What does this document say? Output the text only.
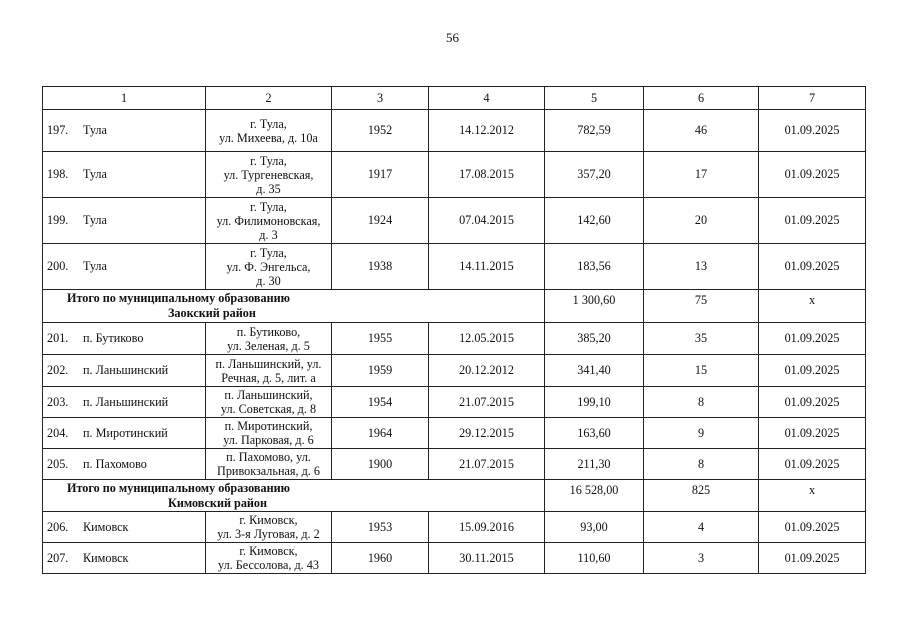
56
1	2	3	4	5	6	7
197. Тула	г. Тула,
ул. Михеева, д. 10а	1952	14.12.2012	782,59	46	01.09.2025
198. Тула	г. Тула,
ул. Тургеневская,
д. 35	1917	17.08.2015	357,20	17	01.09.2025
199. Тула	г. Тула,
ул. Филимоновская,
д. 3	1924	07.04.2015	142,60	20	01.09.2025
200. Тула	г. Тула,
ул. Ф. Энгельса,
д. 30	1938	14.11.2015	183,56	13	01.09.2025

Итого по муниципальному образованию
Заокский район				1 300,60	75	x
201. п. Бутиково	п. Бутиково,
ул. Зеленая, д. 5	1955	12.05.2015	385,20	35	01.09.2025
202. п. Ланьшинский	п. Ланьшинский, ул.
Речная, д. 5, лит. а	1959	20.12.2012	341,40	15	01.09.2025
203. п. Ланьшинский	п. Ланьшинский,
ул. Советская, д. 8	1954	21.07.2015	199,10	8	01.09.2025
204. п. Миротинский	п. Миротинский,
ул. Парковая, д. 6	1964	29.12.2015	163,60	9	01.09.2025
205. п. Пахомово	п. Пахомово, ул.
Привокзальная, д. 6	1900	21.07.2015	211,30	8	01.09.2025

Итого по муниципальному образованию
Кимовский район				16 528,00	825	x
206. Кимовск	г. Кимовск,
ул. 3-я Луговая, д. 2	1953	15.09.2016	93,00	4	01.09.2025
207. Кимовск	г. Кимовск,
ул. Бессолова, д. 43	1960	30.11.2015	110,60	3	01.09.2025
